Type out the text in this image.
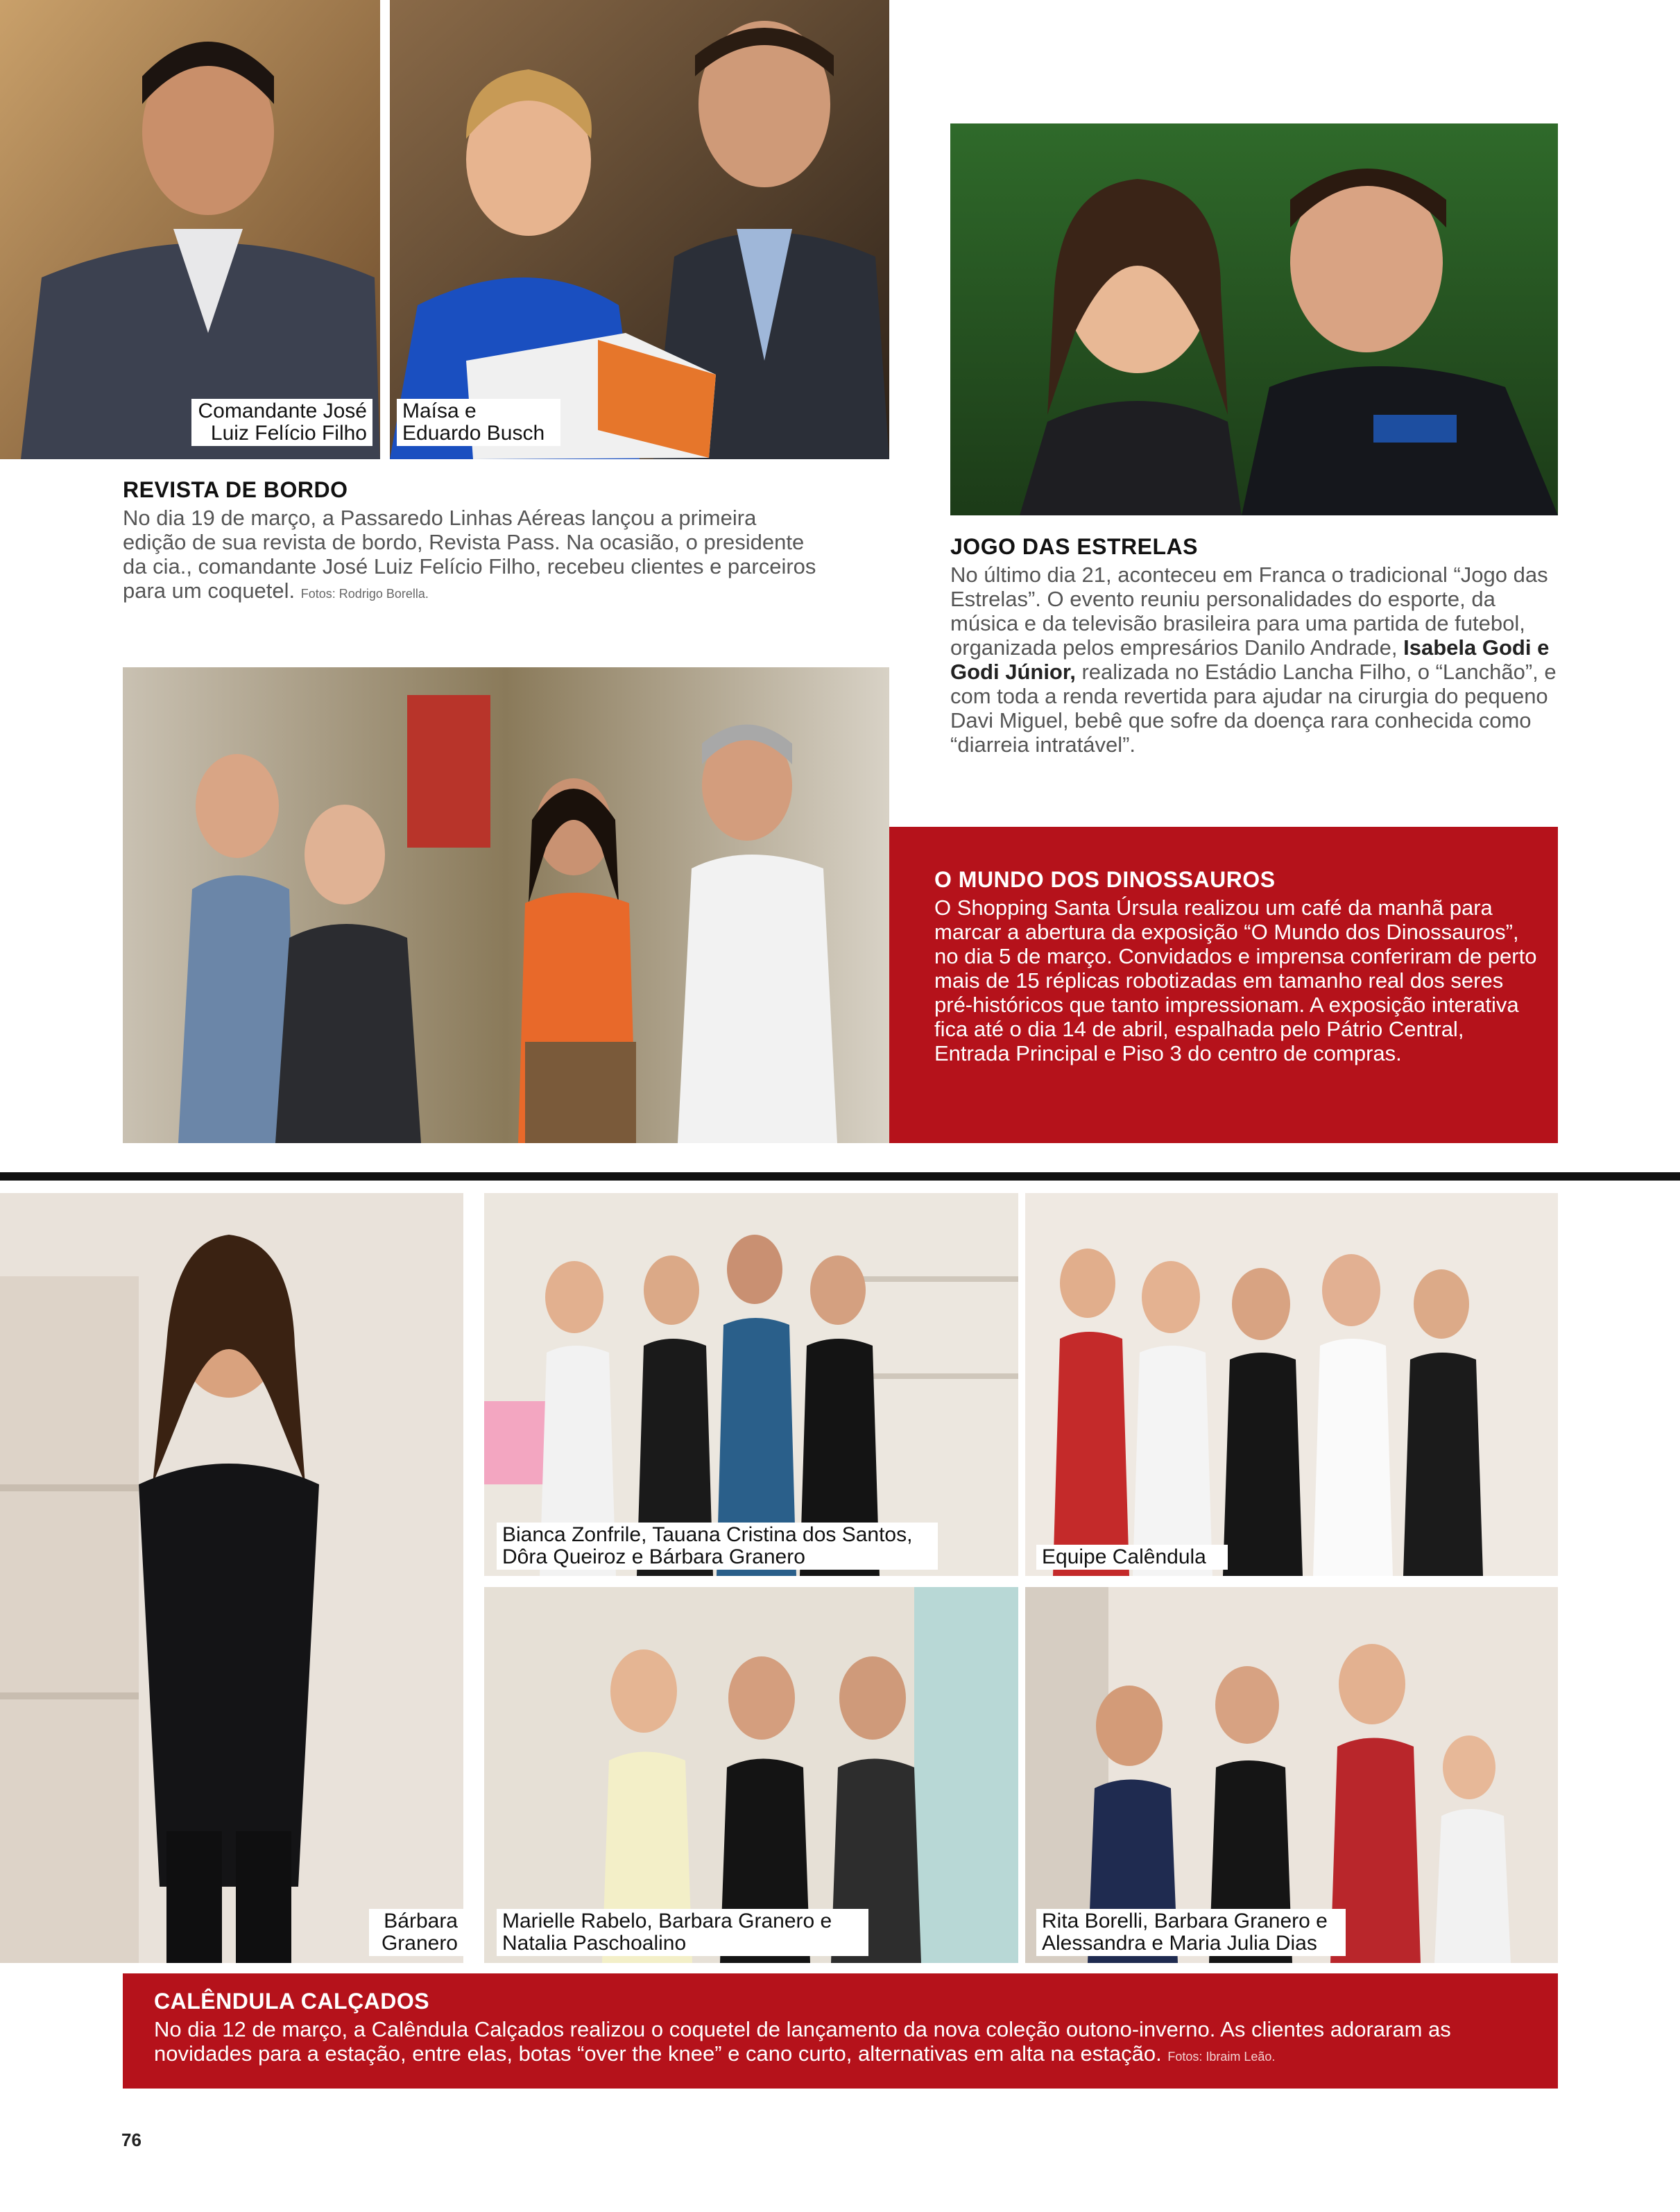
Comandante José
Luiz Felício Filho
Maísa e
Eduardo Busch
REVISTA DE BORDO
No dia 19 de março, a Passaredo Linhas Aéreas lançou a primeira edição de sua revista de bordo, Revista Pass. Na ocasião, o presidente da cia., comandante José Luiz Felício Filho, recebeu clientes e parceiros para um coquetel. Fotos: Rodrigo Borella.
JOGO DAS ESTRELAS
No último dia 21, aconteceu em Franca o tradicional “Jogo das Estrelas”. O evento reuniu personalidades do esporte, da música e da televisão brasileira para uma partida de futebol, organizada pelos empresários Danilo Andrade, Isabela Godi e Godi Júnior, realizada no Estádio Lancha Filho, o “Lanchão”, e com toda a renda revertida para ajudar na cirurgia do pequeno Davi Miguel, bebê que sofre da doença rara conhecida como “diarreia intratável”.
O MUNDO DOS DINOSSAUROS
O Shopping Santa Úrsula realizou um café da manhã para marcar a abertura da exposição “O Mundo dos Dinossauros”, no dia 5 de março. Convidados e imprensa conferiram de perto mais de 15 réplicas robotizadas em tamanho real dos seres pré-históricos que tanto impressionam. A exposição interativa fica até o dia 14 de abril, espalhada pelo Pátrio Central, Entrada Principal e Piso 3 do centro de compras.
Bárbara
Granero
Bianca Zonfrile, Tauana Cristina dos Santos,
Dôra Queiroz e Bárbara Granero	Equipe Calêndula
Marielle Rabelo, Barbara Granero e
Natalia Paschoalino
Rita Borelli, Barbara Granero e
Alessandra e Maria Julia Dias
CALÊNDULA CALÇADOS
No dia 12 de março, a Calêndula Calçados realizou o coquetel de lançamento da nova coleção outono-inverno. As clientes adoraram as novidades para a estação, entre elas, botas “over the knee” e cano curto, alternativas em alta na estação. Fotos: Ibraim Leão.
76
